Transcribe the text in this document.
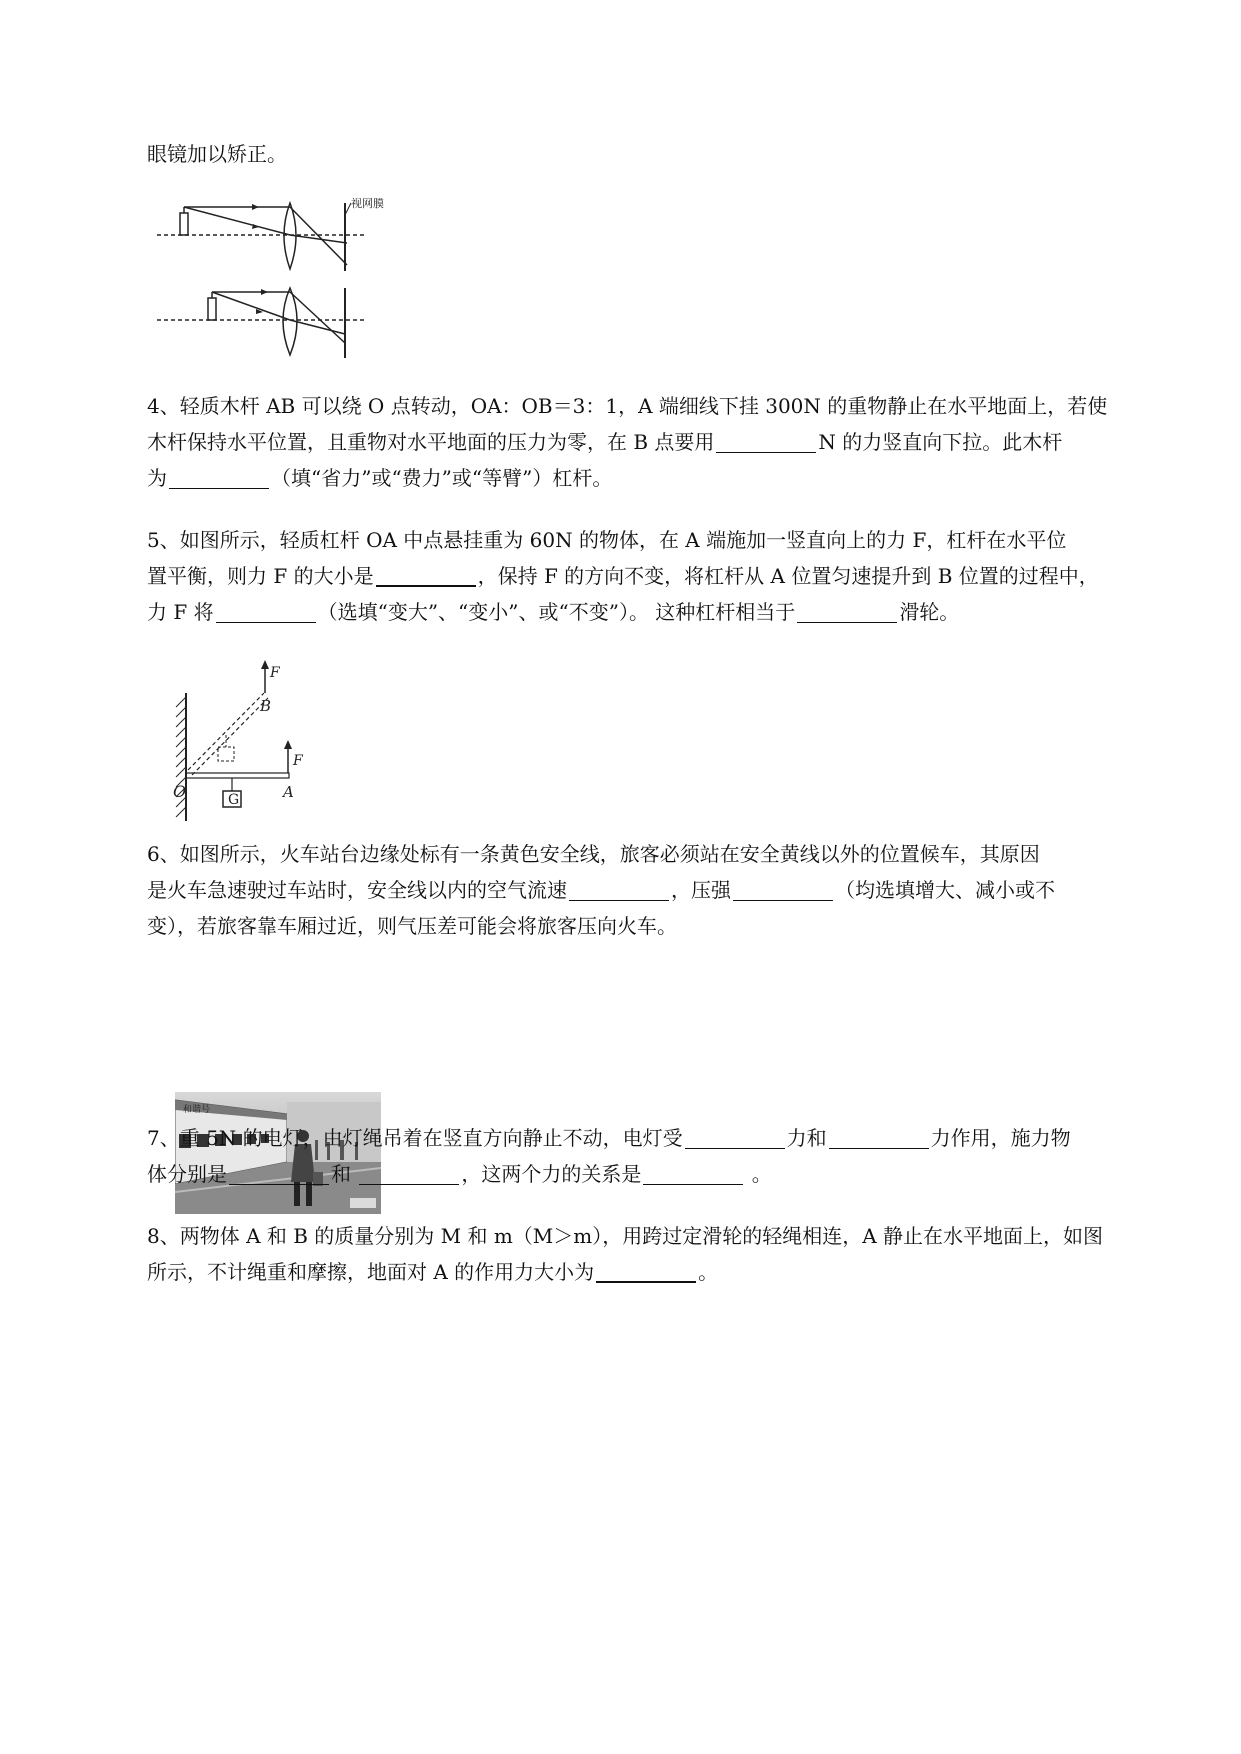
眼镜加以矫正。

视网膜

4、轻质木杆 AB 可以绕 O 点转动，OA：OB＝3：1，A 端细线下挂 300N 的重物静止在水平地面上，若使
木杆保持水平位置，且重物对水平地面的压力为零，在 B 点要用	N 的力竖直向下拉。此木杆
为	（填“省力”或“费力”或“等臂”）杠杆。

5、如图所示，轻质杠杆 OA 中点悬挂重为 60N 的物体，在 A 端施加一竖直向上的力 F，杠杆在水平位
置平衡，则力 F 的大小是	，保持 F 的方向不变，将杠杆从 A 位置匀速提升到 B 位置的过程中，
力 F 将	（选填“变大”、“变小”、或“不变”）。 这种杠杆相当于	滑轮。

G
F
B
F
O	A

6、如图所示，火车站台边缘处标有一条黄色安全线，旅客必须站在安全黄线以外的位置候车，其原因
是火车急速驶过车站时，安全线以内的空气流速	，压强	（均选填增大、减小或不
变），若旅客靠车厢过近，则气压差可能会将旅客压向火车。

和谐号

7、重 5N 的电灯，由灯绳吊着在竖直方向静止不动，电灯受	力和	力作用，施力物
体分别是	和	，这两个力的关系是	。

8、两物体 A 和 B 的质量分别为 M 和 m（M＞m），用跨过定滑轮的轻绳相连，A 静止在水平地面上，如图
所示，不计绳重和摩擦，地面对 A 的作用力大小为	。
